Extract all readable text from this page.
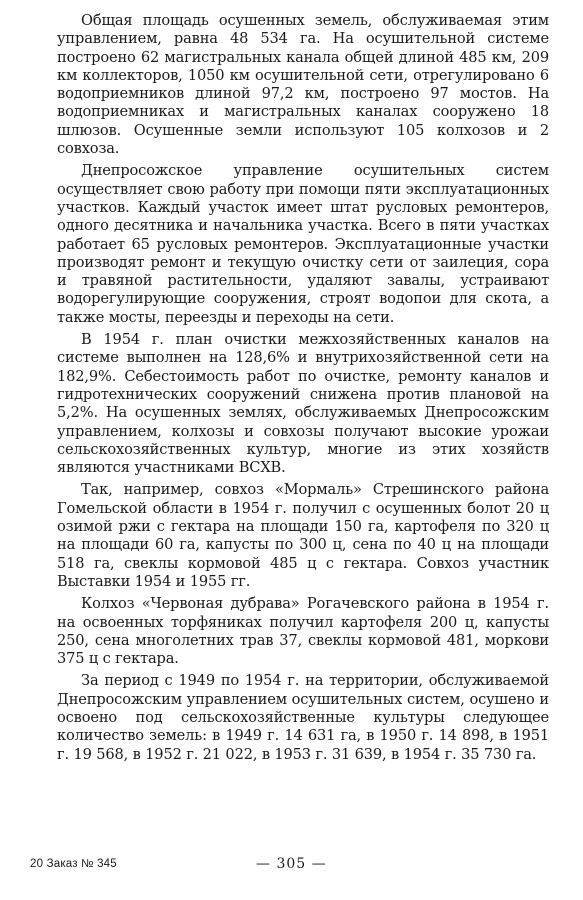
Общая площадь осушенных земель, обслуживаемая этим управлением, равна 48 534 га. На осушительной системе построено 62 магистральных канала общей длиной 485 км, 209 км коллекторов, 1050 км осушительной сети, отрегулировано 6 водоприемников длиной 97,2 км, построено 97 мостов. На водоприемниках и магистральных каналах сооружено 18 шлюзов. Осушенные земли используют 105 колхозов и 2 совхоза.

Днепросожское управление осушительных систем осуществляет свою работу при помощи пяти эксплуатационных участков. Каждый участок имеет штат русловых ремонтеров, одного десятника и начальника участка. Всего в пяти участках работает 65 русловых ремонтеров. Эксплуатационные участки производят ремонт и текущую очистку сети от заилеция, сора и травяной растительности, удаляют завалы, устраивают водорегулирующие сооружения, строят водопои для скота, а также мосты, переезды и переходы на сети.

В 1954 г. план очистки межхозяйственных каналов на системе выполнен на 128,6% и внутрихозяйственной сети на 182,9%. Себестоимость работ по очистке, ремонту каналов и гидротехнических сооружений снижена против плановой на 5,2%. На осушенных землях, обслуживаемых Днепросожским управлением, колхозы и совхозы получают высокие урожаи сельскохозяйственных культур, многие из этих хозяйств являются участниками ВСХВ.

Так, например, совхоз «Мормаль» Стрешинского района Гомельской области в 1954 г. получил с осушенных болот 20 ц озимой ржи с гектара на площади 150 га, картофеля по 320 ц на площади 60 га, капусты по 300 ц, сена по 40 ц на площади 518 га, свеклы кормовой 485 ц с гектара. Совхоз участник Выставки 1954 и 1955 гг.

Колхоз «Червоная дубрава» Рогачевского района в 1954 г. на освоенных торфяниках получил картофеля 200 ц, капусты 250, сена многолетних трав 37, свеклы кормовой 481, моркови 375 ц с гектара.

За период с 1949 по 1954 г. на территории, обслуживаемой Днепросожским управлением осушительных систем, осушено и освоено под сельскохозяйственные культуры следующее количество земель: в 1949 г. 14 631 га, в 1950 г. 14 898, в 1951 г. 19 568, в 1952 г. 21 022, в 1953 г. 31 639, в 1954 г. 35 730 га.

20 Заказ № 345	— 305 —
